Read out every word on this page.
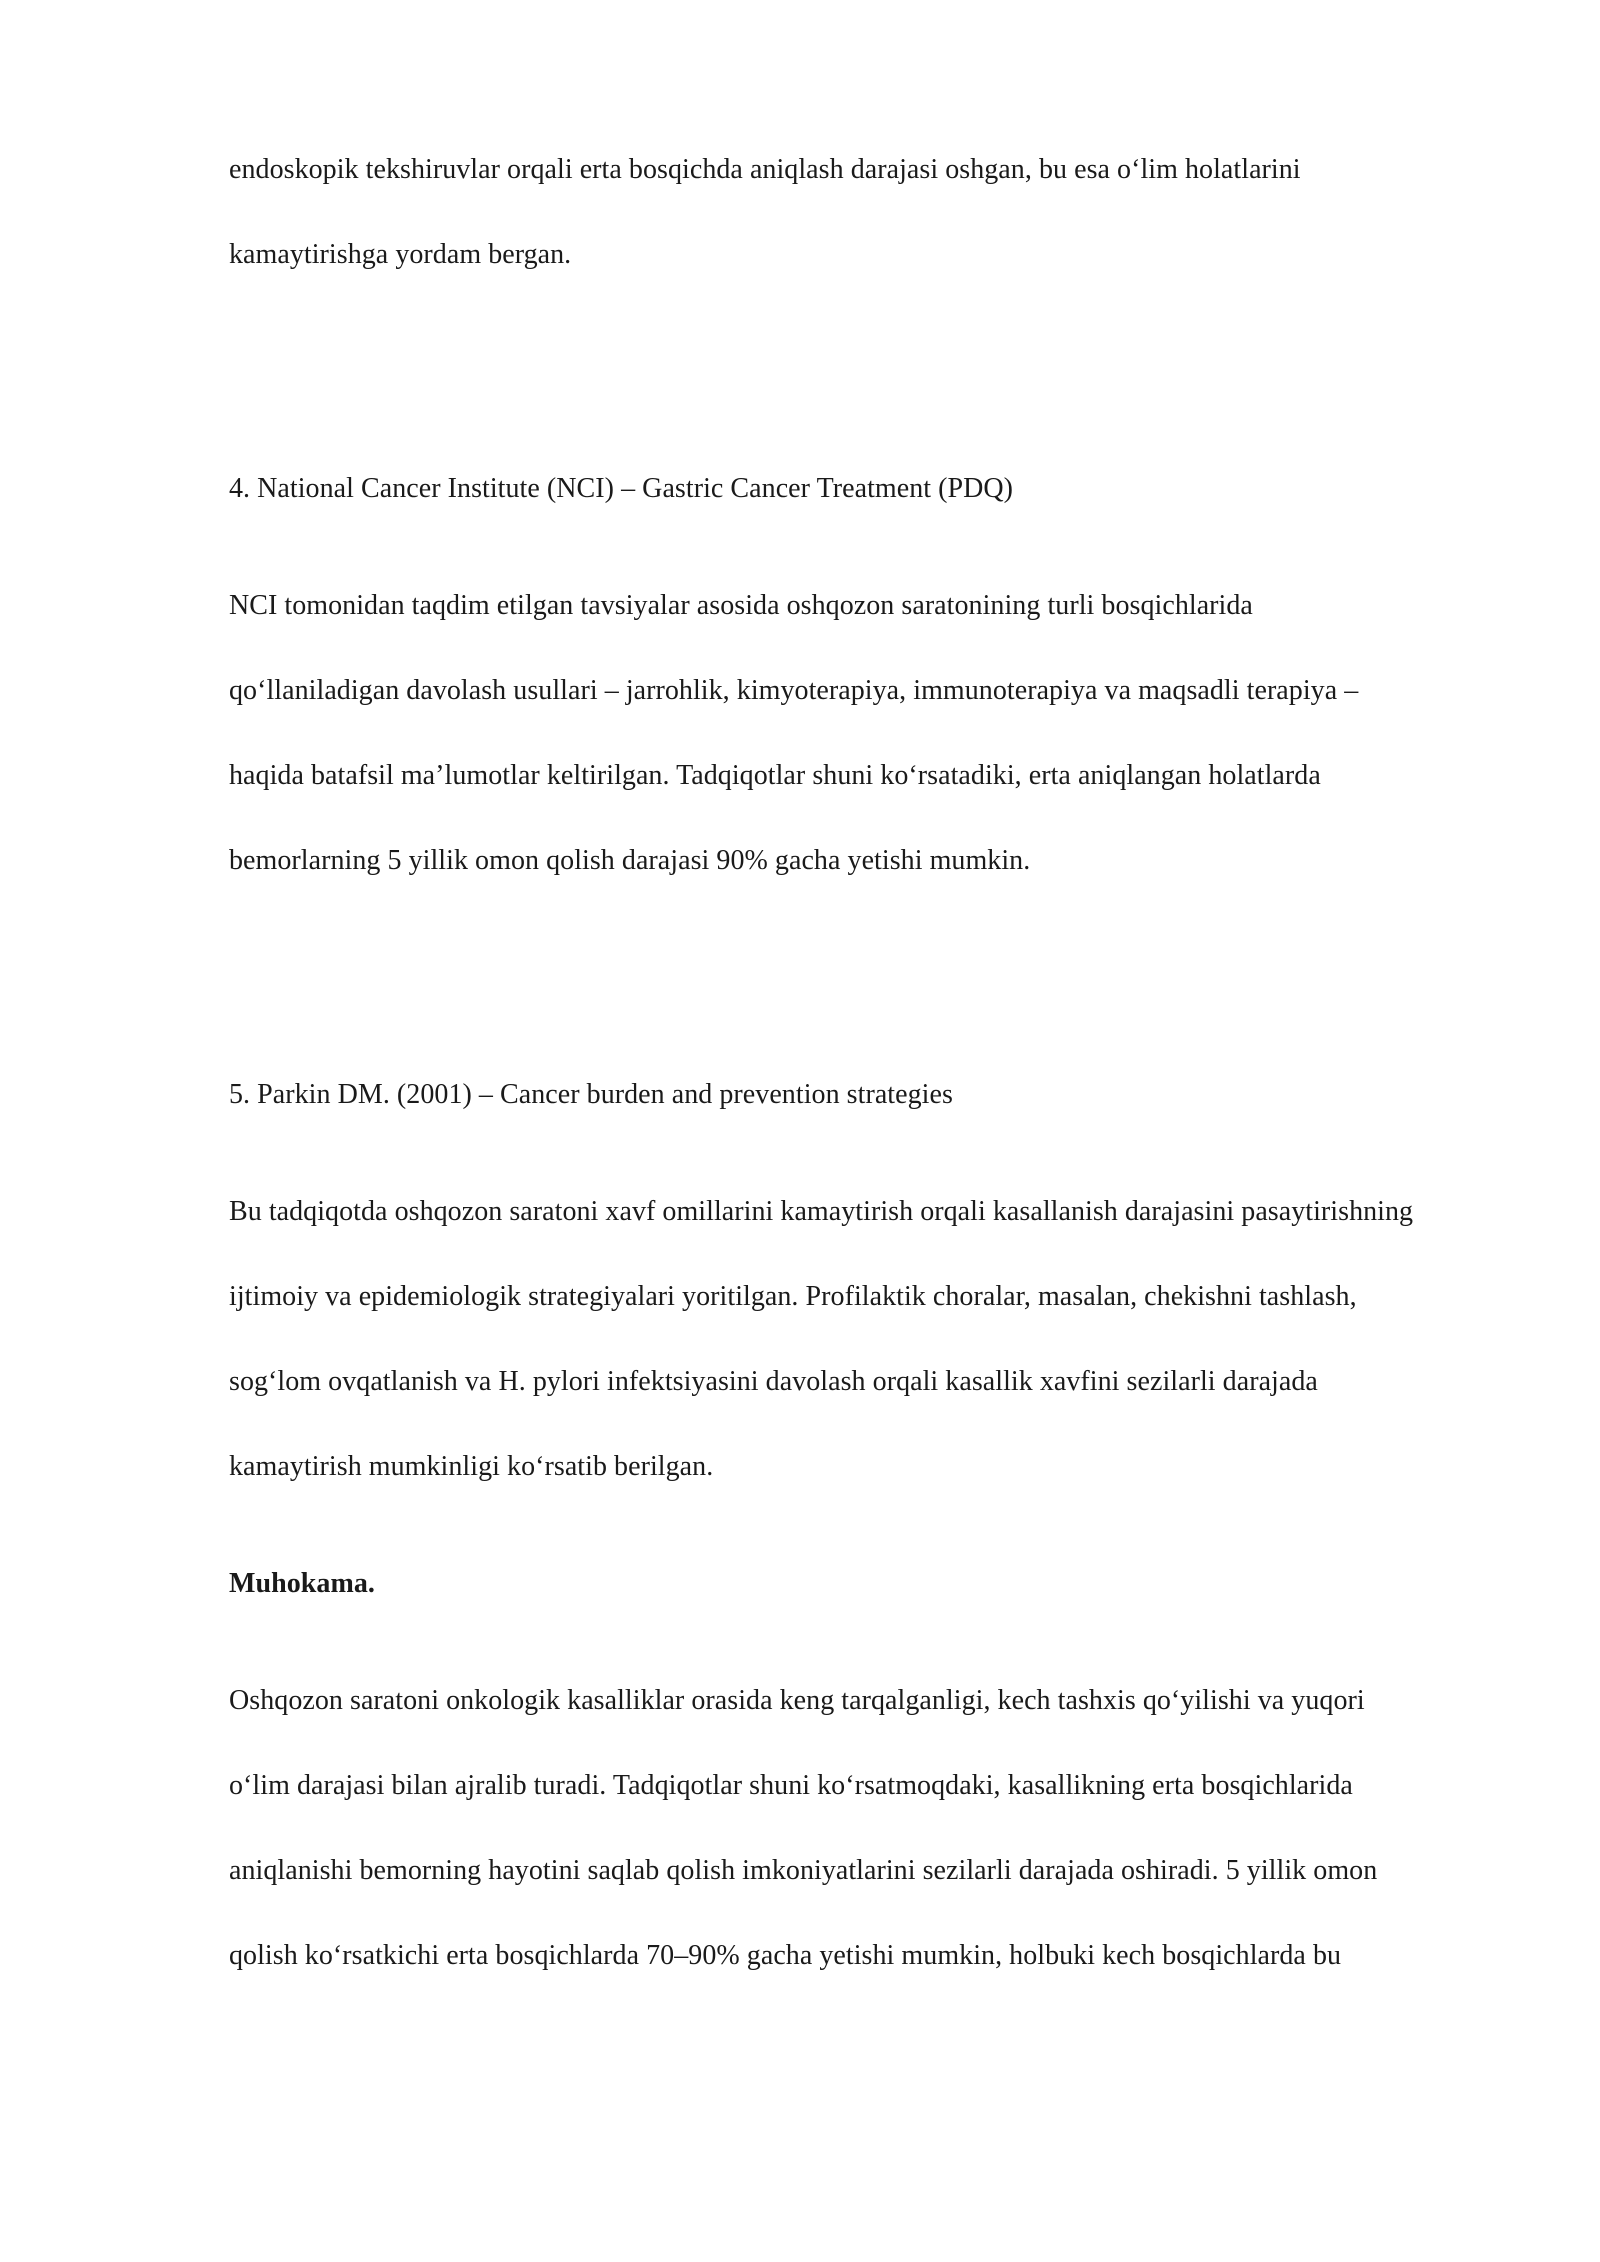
endoskopik tekshiruvlar orqali erta bosqichda aniqlash darajasi oshgan, bu esa o‘lim holatlarini
kamaytirishga yordam bergan.
4. National Cancer Institute (NCI) – Gastric Cancer Treatment (PDQ)
NCI tomonidan taqdim etilgan tavsiyalar asosida oshqozon saratonining turli bosqichlarida
qo‘llaniladigan davolash usullari – jarrohlik, kimyoterapiya, immunoterapiya va maqsadli terapiya –
haqida batafsil ma’lumotlar keltirilgan. Tadqiqotlar shuni ko‘rsatadiki, erta aniqlangan holatlarda
bemorlarning 5 yillik omon qolish darajasi 90% gacha yetishi mumkin.
5. Parkin DM. (2001) – Cancer burden and prevention strategies
Bu tadqiqotda oshqozon saratoni xavf omillarini kamaytirish orqali kasallanish darajasini pasaytirishning
ijtimoiy va epidemiologik strategiyalari yoritilgan. Profilaktik choralar, masalan, chekishni tashlash,
sog‘lom ovqatlanish va H. pylori infektsiyasini davolash orqali kasallik xavfini sezilarli darajada
kamaytirish mumkinligi ko‘rsatib berilgan.
Muhokama.
Oshqozon saratoni onkologik kasalliklar orasida keng tarqalganligi, kech tashxis qo‘yilishi va yuqori
o‘lim darajasi bilan ajralib turadi. Tadqiqotlar shuni ko‘rsatmoqdaki, kasallikning erta bosqichlarida
aniqlanishi bemorning hayotini saqlab qolish imkoniyatlarini sezilarli darajada oshiradi. 5 yillik omon
qolish ko‘rsatkichi erta bosqichlarda 70–90% gacha yetishi mumkin, holbuki kech bosqichlarda bu
